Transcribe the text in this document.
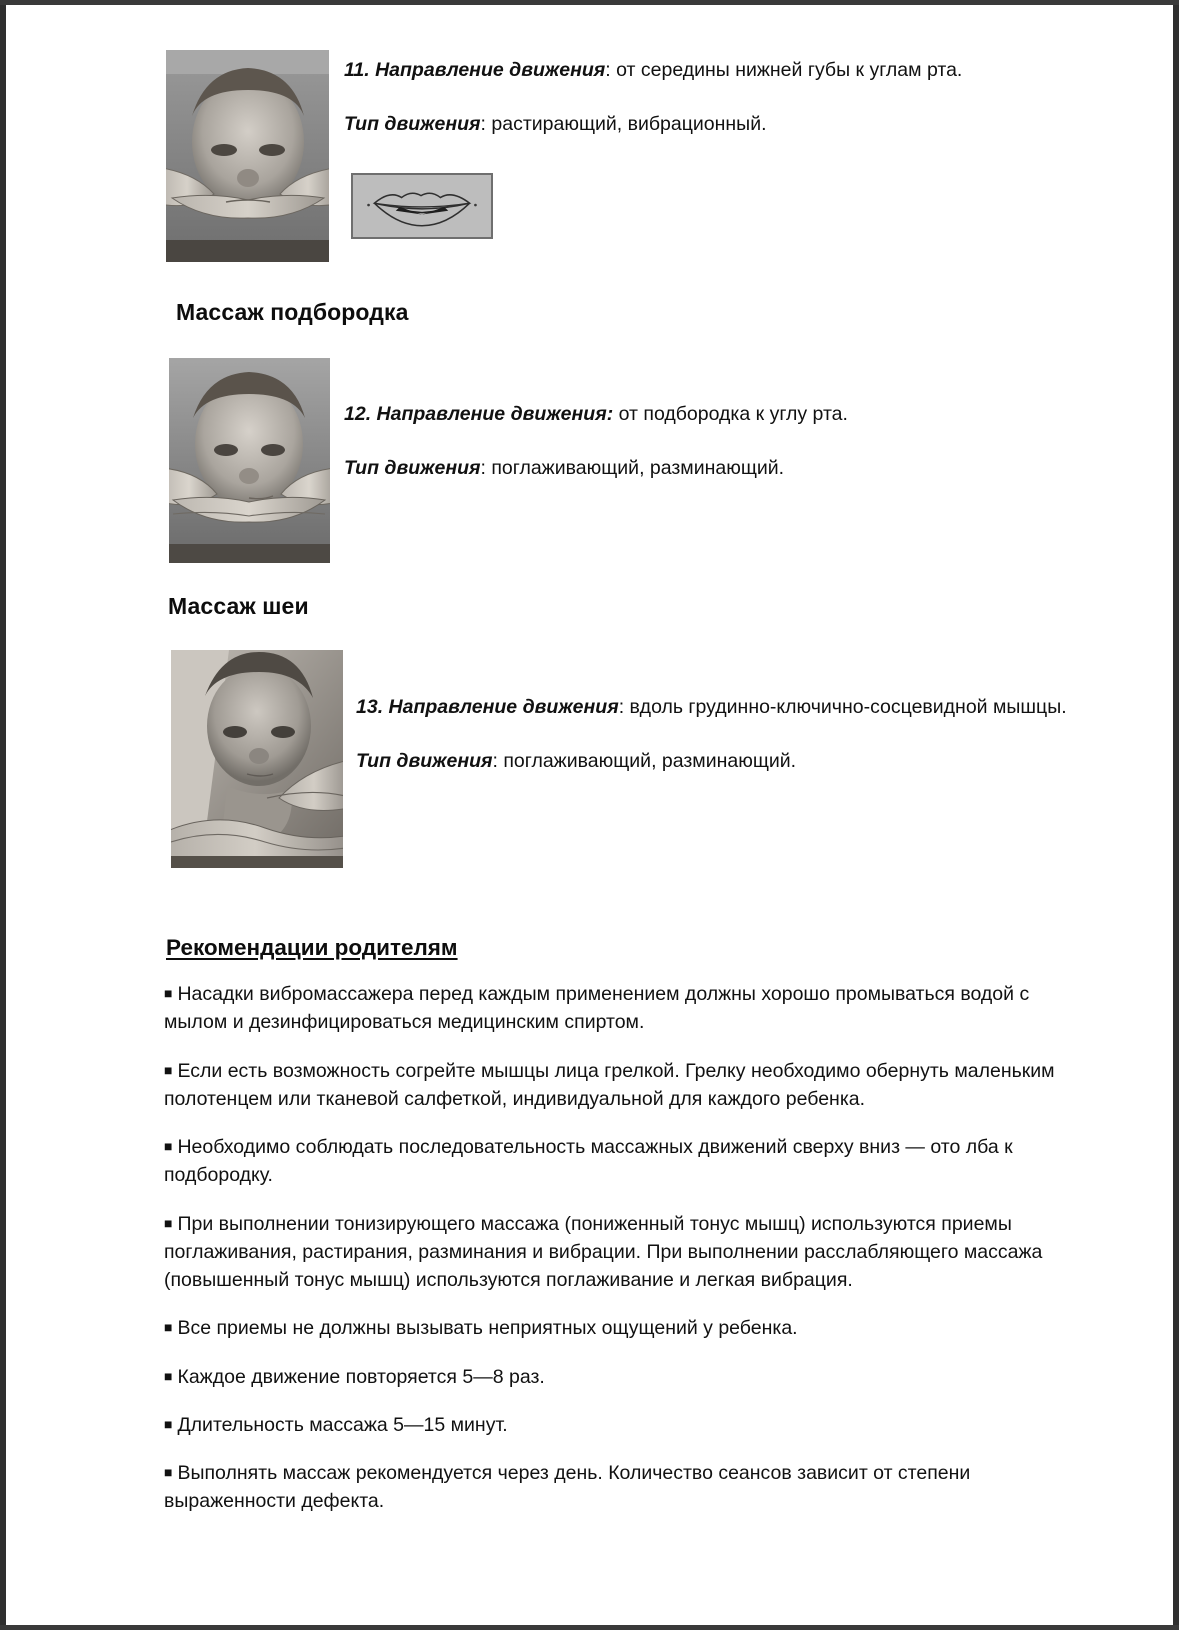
11. Направление движения: от середины нижней губы к углам рта.

Тип движения: растирающий, вибрационный.

Массаж подбородка

12. Направление движения: от подбородка к углу рта.

Тип движения: поглаживающий, разминающий.

Массаж шеи

13. Направление движения: вдоль грудинно-ключично-сосцевидной мышцы.

Тип движения: поглаживающий, разминающий.

Рекомендации родителям

■ Насадки вибромассажера перед каждым применением должны хорошо промываться водой с мылом и дезинфицироваться медицинским спиртом.

■ Если есть возможность согрейте мышцы лица грелкой. Грелку необходимо обернуть маленьким полотенцем или тканевой салфеткой, индивидуальной для каждого ребенка.

■ Необходимо соблюдать последовательность массажных движений сверху вниз — ото лба к подбородку.

■ При выполнении тонизирующего массажа (пониженный тонус мышц) используются приемы поглаживания, растирания, разминания и вибрации. При выполнении расслабляющего массажа (повышенный тонус мышц) используются поглаживание и легкая вибрация.

■ Все приемы не должны вызывать неприятных ощущений у ребенка.

■ Каждое движение повторяется 5—8 раз.

■ Длительность массажа 5—15 минут.

■ Выполнять массаж рекомендуется через день. Количество сеансов зависит от степени выраженности дефекта.
